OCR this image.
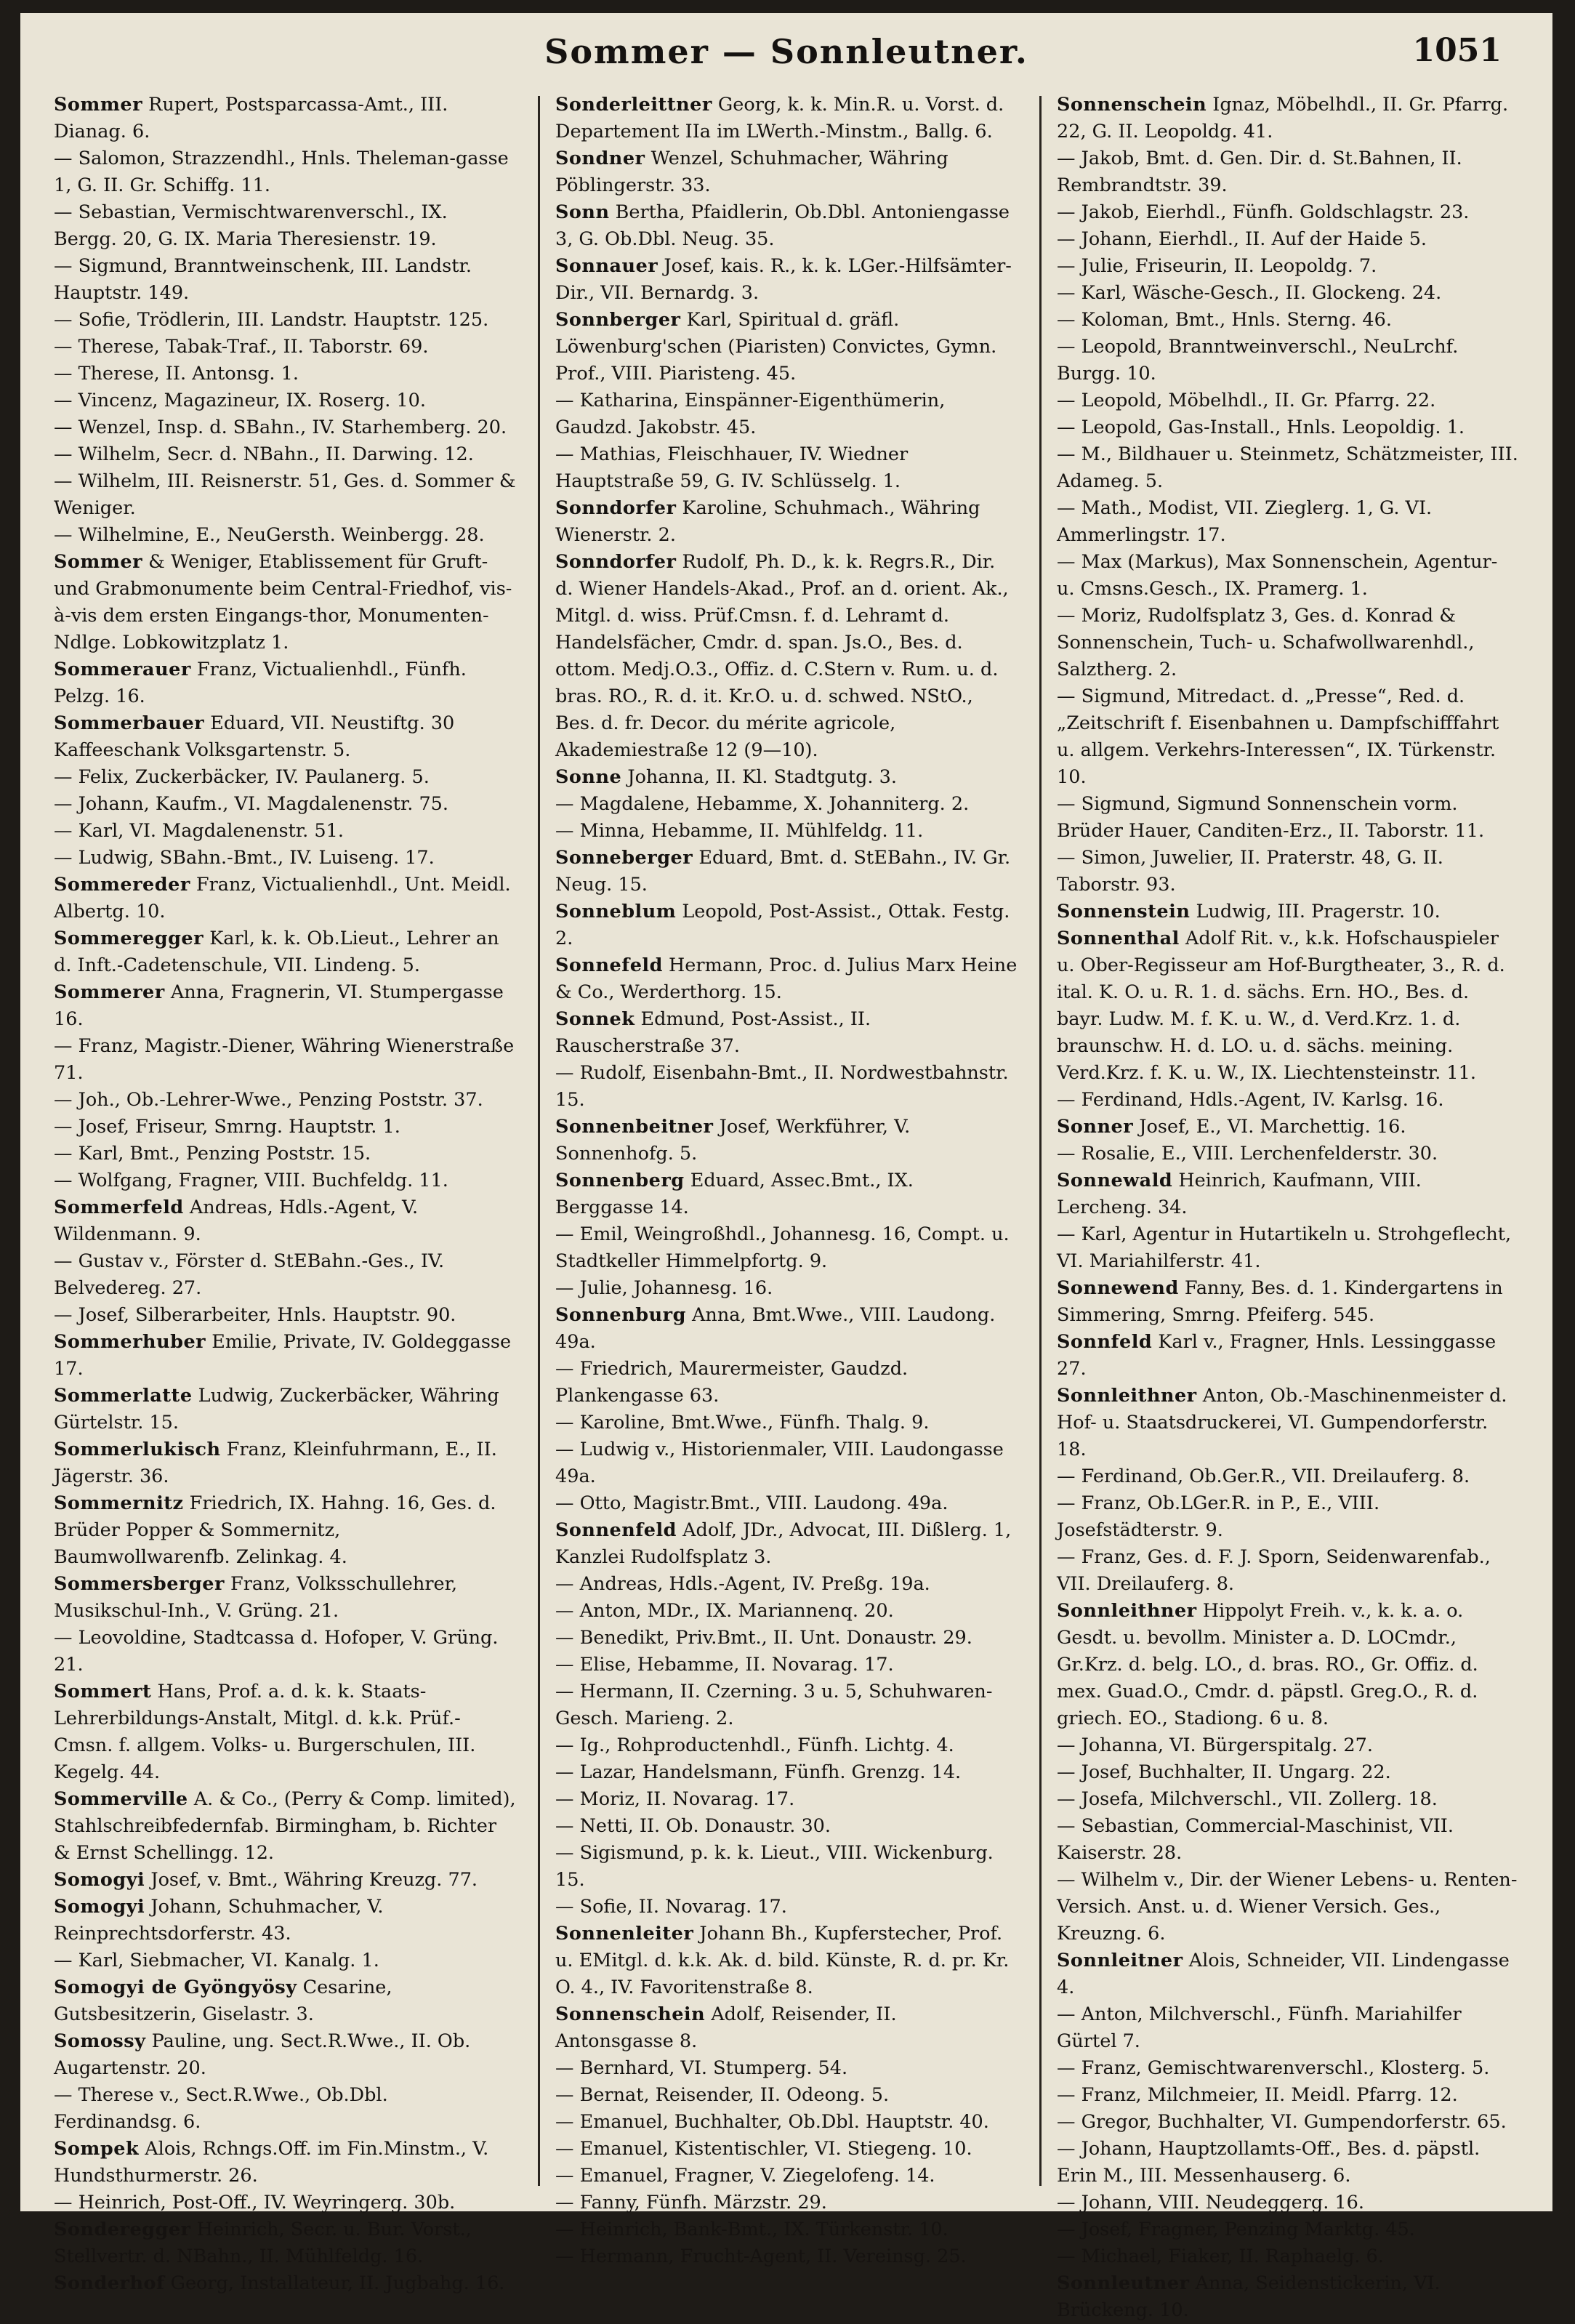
Sommer — Sonnleutner.	1051

Sommer Rupert, Postsparcassa-Amt., III. Dianag. 6.

— Salomon, Strazzendhl., Hnls. Theleman-gasse 1, G. II. Gr. Schiffg. 11.

— Sebastian, Vermischtwarenverschl., IX. Bergg. 20, G. IX. Maria Theresienstr. 19.

— Sigmund, Branntweinschenk, III. Landstr. Hauptstr. 149.

— Sofie, Trödlerin, III. Landstr. Hauptstr. 125.

— Therese, Tabak-Traf., II. Taborstr. 69.

— Therese, II. Antonsg. 1.

— Vincenz, Magazineur, IX. Roserg. 10.

— Wenzel, Insp. d. SBahn., IV. Starhemberg. 20.

— Wilhelm, Secr. d. NBahn., II. Darwing. 12.

— Wilhelm, III. Reisnerstr. 51, Ges. d. Sommer & Weniger.

— Wilhelmine, E., NeuGersth. Weinbergg. 28.

Sommer & Weniger, Etablissement für Gruft- und Grabmonumente beim Central-Friedhof, vis-à-vis dem ersten Eingangs-thor, Monumenten-Ndlge. Lobkowitzplatz 1.

Sommerauer Franz, Victualienhdl., Fünfh. Pelzg. 16.

Sommerbauer Eduard, VII. Neustiftg. 30 Kaffeeschank Volksgartenstr. 5.

— Felix, Zuckerbäcker, IV. Paulanerg. 5.

— Johann, Kaufm., VI. Magdalenenstr. 75.

— Karl, VI. Magdalenenstr. 51.

— Ludwig, SBahn.-Bmt., IV. Luiseng. 17.

Sommereder Franz, Victualienhdl., Unt. Meidl. Albertg. 10.

Sommeregger Karl, k. k. Ob.Lieut., Lehrer an d. Inft.-Cadetenschule, VII. Lindeng. 5.

Sommerer Anna, Fragnerin, VI. Stumpergasse 16.

— Franz, Magistr.-Diener, Währing Wienerstraße 71.

— Joh., Ob.-Lehrer-Wwe., Penzing Poststr. 37.

— Josef, Friseur, Smrng. Hauptstr. 1.

— Karl, Bmt., Penzing Poststr. 15.

— Wolfgang, Fragner, VIII. Buchfeldg. 11.

Sommerfeld Andreas, Hdls.-Agent, V. Wildenmann. 9.

— Gustav v., Förster d. StEBahn.-Ges., IV. Belvedereg. 27.

— Josef, Silberarbeiter, Hnls. Hauptstr. 90.

Sommerhuber Emilie, Private, IV. Goldeggasse 17.

Sommerlatte Ludwig, Zuckerbäcker, Währing Gürtelstr. 15.

Sommerlukisch Franz, Kleinfuhrmann, E., II. Jägerstr. 36.

Sommernitz Friedrich, IX. Hahng. 16, Ges. d. Brüder Popper & Sommernitz, Baumwollwarenfb. Zelinkag. 4.

Sommersberger Franz, Volksschullehrer, Musikschul-Inh., V. Grüng. 21.

— Leovoldine, Stadtcassa d. Hofoper, V. Grüng. 21.

Sommert Hans, Prof. a. d. k. k. Staats-Lehrerbildungs-Anstalt, Mitgl. d. k.k. Prüf.-Cmsn. f. allgem. Volks- u. Burgerschulen, III. Kegelg. 44.

Sommerville A. & Co., (Perry & Comp. limited), Stahlschreibfedernfab. Birmingham, b. Richter & Ernst Schellingg. 12.

Somogyi Josef, v. Bmt., Währing Kreuzg. 77.

Somogyi Johann, Schuhmacher, V. Reinprechtsdorferstr. 43.

— Karl, Siebmacher, VI. Kanalg. 1.

Somogyi de Gyöngyösy Cesarine, Gutsbesitzerin, Giselastr. 3.

Somossy Pauline, ung. Sect.R.Wwe., II. Ob. Augartenstr. 20.

— Therese v., Sect.R.Wwe., Ob.Dbl. Ferdinandsg. 6.

Sompek Alois, Rchngs.Off. im Fin.Minstm., V. Hundsthurmerstr. 26.

— Heinrich, Post-Off., IV. Weyringerg. 30b.

Sonderegger Heinrich, Secr. u. Bur. Vorst., Stellvertr. d. NBahn., II. Mühlfeldg. 16.

Sonderhof Georg, Installateur, II. Jugbahg. 16.

Sonderleittner Georg, k. k. Min.R. u. Vorst. d. Departement IIa im LWerth.-Minstm., Ballg. 6.

Sondner Wenzel, Schuhmacher, Währing Pöblingerstr. 33.

Sonn Bertha, Pfaidlerin, Ob.Dbl. Antoniengasse 3, G. Ob.Dbl. Neug. 35.

Sonnauer Josef, kais. R., k. k. LGer.-Hilfsämter-Dir., VII. Bernardg. 3.

Sonnberger Karl, Spiritual d. gräfl. Löwenburg'schen (Piaristen) Convictes, Gymn. Prof., VIII. Piaristeng. 45.

— Katharina, Einspänner-Eigenthümerin, Gaudzd. Jakobstr. 45.

— Mathias, Fleischhauer, IV. Wiedner Hauptstraße 59, G. IV. Schlüsselg. 1.

Sonndorfer Karoline, Schuhmach., Währing Wienerstr. 2.

Sonndorfer Rudolf, Ph. D., k. k. Regrs.R., Dir. d. Wiener Handels-Akad., Prof. an d. orient. Ak., Mitgl. d. wiss. Prüf.Cmsn. f. d. Lehramt d. Handelsfächer, Cmdr. d. span. Js.O., Bes. d. ottom. Medj.O.3., Offiz. d. C.Stern v. Rum. u. d. bras. RO., R. d. it. Kr.O. u. d. schwed. NStO., Bes. d. fr. Decor. du mérite agricole, Akademiestraße 12 (9—10).

Sonne Johanna, II. Kl. Stadtgutg. 3.

— Magdalene, Hebamme, X. Johanniterg. 2.

— Minna, Hebamme, II. Mühlfeldg. 11.

Sonneberger Eduard, Bmt. d. StEBahn., IV. Gr. Neug. 15.

Sonneblum Leopold, Post-Assist., Ottak. Festg. 2.

Sonnefeld Hermann, Proc. d. Julius Marx Heine & Co., Werderthorg. 15.

Sonnek Edmund, Post-Assist., II. Rauscherstraße 37.

— Rudolf, Eisenbahn-Bmt., II. Nordwestbahnstr. 15.

Sonnenbeitner Josef, Werkführer, V. Sonnenhofg. 5.

Sonnenberg Eduard, Assec.Bmt., IX. Berggasse 14.

— Emil, Weingroßhdl., Johannesg. 16, Compt. u. Stadtkeller Himmelpfortg. 9.

— Julie, Johannesg. 16.

Sonnenburg Anna, Bmt.Wwe., VIII. Laudong. 49a.

— Friedrich, Maurermeister, Gaudzd. Plankengasse 63.

— Karoline, Bmt.Wwe., Fünfh. Thalg. 9.

— Ludwig v., Historienmaler, VIII. Laudongasse 49a.

— Otto, Magistr.Bmt., VIII. Laudong. 49a.

Sonnenfeld Adolf, JDr., Advocat, III. Dißlerg. 1, Kanzlei Rudolfsplatz 3.

— Andreas, Hdls.-Agent, IV. Preßg. 19a.

— Anton, MDr., IX. Mariannenq. 20.

— Benedikt, Priv.Bmt., II. Unt. Donaustr. 29.

— Elise, Hebamme, II. Novarag. 17.

— Hermann, II. Czerning. 3 u. 5, Schuhwaren-Gesch. Marieng. 2.

— Ig., Rohproductenhdl., Fünfh. Lichtg. 4.

— Lazar, Handelsmann, Fünfh. Grenzg. 14.

— Moriz, II. Novarag. 17.

— Netti, II. Ob. Donaustr. 30.

— Sigismund, p. k. k. Lieut., VIII. Wickenburg. 15.

— Sofie, II. Novarag. 17.

Sonnenleiter Johann Bh., Kupferstecher, Prof. u. EMitgl. d. k.k. Ak. d. bild. Künste, R. d. pr. Kr. O. 4., IV. Favoritenstraße 8.

Sonnenschein Adolf, Reisender, II. Antonsgasse 8.

— Bernhard, VI. Stumperg. 54.

— Bernat, Reisender, II. Odeong. 5.

— Emanuel, Buchhalter, Ob.Dbl. Hauptstr. 40.

— Emanuel, Kistentischler, VI. Stiegeng. 10.

— Emanuel, Fragner, V. Ziegelofeng. 14.

— Fanny, Fünfh. Märzstr. 29.

— Heinrich, Bank-Bmt., IX. Türkenstr. 10.

— Hermann, Frucht-Agent, II. Vereinsg. 25.

Sonnenschein Ignaz, Möbelhdl., II. Gr. Pfarrg. 22, G. II. Leopoldg. 41.

— Jakob, Bmt. d. Gen. Dir. d. St.Bahnen, II. Rembrandtstr. 39.

— Jakob, Eierhdl., Fünfh. Goldschlagstr. 23.

— Johann, Eierhdl., II. Auf der Haide 5.

— Julie, Friseurin, II. Leopoldg. 7.

— Karl, Wäsche-Gesch., II. Glockeng. 24.

— Koloman, Bmt., Hnls. Sterng. 46.

— Leopold, Branntweinverschl., NeuLrchf. Burgg. 10.

— Leopold, Möbelhdl., II. Gr. Pfarrg. 22.

— Leopold, Gas-Install., Hnls. Leopoldig. 1.

— M., Bildhauer u. Steinmetz, Schätzmeister, III. Adameg. 5.

— Math., Modist, VII. Zieglerg. 1, G. VI. Ammerlingstr. 17.

— Max (Markus), Max Sonnenschein, Agentur- u. Cmsns.Gesch., IX. Pramerg. 1.

— Moriz, Rudolfsplatz 3, Ges. d. Konrad & Sonnenschein, Tuch- u. Schafwollwarenhdl., Salztherg. 2.

— Sigmund, Mitredact. d. „Presse“, Red. d. „Zeitschrift f. Eisenbahnen u. Dampfschifffahrt u. allgem. Verkehrs-Interessen“, IX. Türkenstr. 10.

— Sigmund, Sigmund Sonnenschein vorm. Brüder Hauer, Canditen-Erz., II. Taborstr. 11.

— Simon, Juwelier, II. Praterstr. 48, G. II. Taborstr. 93.

Sonnenstein Ludwig, III. Pragerstr. 10.

Sonnenthal Adolf Rit. v., k.k. Hofschauspieler u. Ober-Regisseur am Hof-Burgtheater, 3., R. d. ital. K. O. u. R. 1. d. sächs. Ern. HO., Bes. d. bayr. Ludw. M. f. K. u. W., d. Verd.Krz. 1. d. braunschw. H. d. LO. u. d. sächs. meining. Verd.Krz. f. K. u. W., IX. Liechtensteinstr. 11.

— Ferdinand, Hdls.-Agent, IV. Karlsg. 16.

Sonner Josef, E., VI. Marchettig. 16.

— Rosalie, E., VIII. Lerchenfelderstr. 30.

Sonnewald Heinrich, Kaufmann, VIII. Lercheng. 34.

— Karl, Agentur in Hutartikeln u. Strohgeflecht, VI. Mariahilferstr. 41.

Sonnewend Fanny, Bes. d. 1. Kindergartens in Simmering, Smrng. Pfeiferg. 545.

Sonnfeld Karl v., Fragner, Hnls. Lessinggasse 27.

Sonnleithner Anton, Ob.-Maschinenmeister d. Hof- u. Staatsdruckerei, VI. Gumpendorferstr. 18.

— Ferdinand, Ob.Ger.R., VII. Dreilauferg. 8.

— Franz, Ob.LGer.R. in P., E., VIII. Josefstädterstr. 9.

— Franz, Ges. d. F. J. Sporn, Seidenwarenfab., VII. Dreilauferg. 8.

Sonnleithner Hippolyt Freih. v., k. k. a. o. Gesdt. u. bevollm. Minister a. D. LOCmdr., Gr.Krz. d. belg. LO., d. bras. RO., Gr. Offiz. d. mex. Guad.O., Cmdr. d. päpstl. Greg.O., R. d. griech. EO., Stadiong. 6 u. 8.

— Johanna, VI. Bürgerspitalg. 27.

— Josef, Buchhalter, II. Ungarg. 22.

— Josefa, Milchverschl., VII. Zollerg. 18.

— Sebastian, Commercial-Maschinist, VII. Kaiserstr. 28.

— Wilhelm v., Dir. der Wiener Lebens- u. Renten-Versich. Anst. u. d. Wiener Versich. Ges., Kreuzng. 6.

Sonnleitner Alois, Schneider, VII. Lindengasse 4.

— Anton, Milchverschl., Fünfh. Mariahilfer Gürtel 7.

— Franz, Gemischtwarenverschl., Klosterg. 5.

— Franz, Milchmeier, II. Meidl. Pfarrg. 12.

— Gregor, Buchhalter, VI. Gumpendorferstr. 65.

— Johann, Hauptzollamts-Off., Bes. d. päpstl. Erin M., III. Messenhauserg. 6.

— Johann, VIII. Neudeggerg. 16.

— Josef, Fragner, Penzing Marktg. 45.

— Michael, Fiaker, II. Raphaelg. 6.

Sonnleutner Anna, Seidenstickerin, VI. Brückeng. 10.
